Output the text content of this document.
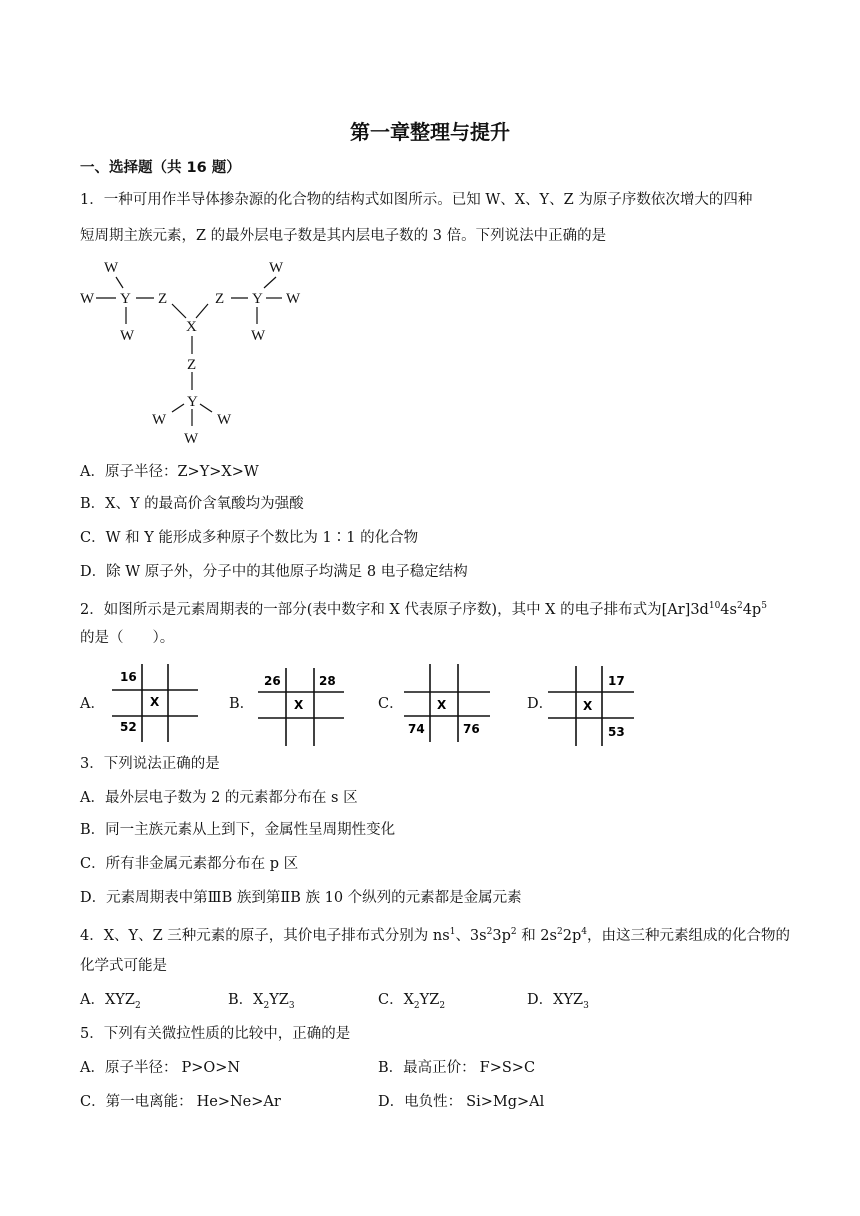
第一章整理与提升
一、选择题（共 16 题）
1．一种可用作半导体掺杂源的化合物的结构式如图所示。已知 W、X、Y、Z 为原子序数依次增大的四种
短周期主族元素，Z 的最外层电子数是其内层电子数的 3 倍。下列说法中正确的是
W
W Y Z
W
X
W
Z Y W
W
Z
Y
W	W
W
A．原子半径：Z>Y>X>W
B．X、Y 的最高价含氧酸均为强酸
C．W 和 Y 能形成多种原子个数比为 1∶1 的化合物
D．除 W 原子外，分子中的其他原子均满足 8 电子稳定结构
2．如图所示是元素周期表的一部分(表中数字和 X 代表原子序数)，其中 X 的电子排布式为$[Ar]3d^{10}4s^24p^5$
的是（　　）。
A．
16
X
52
B．
26	28
X	C．	X
74	76
D．
17
X
53
3．下列说法正确的是
A．最外层电子数为 2 的元素都分布在 s 区
B．同一主族元素从上到下，金属性呈周期性变化
C．所有非金属元素都分布在 p 区
D．元素周期表中第ⅢB 族到第ⅡB 族 10 个纵列的元素都是金属元素
4．X、Y、Z 三种元素的原子，其价电子排布式分别为 $ns^1$、$3s^23p^2$ 和 $2s^22p^4$，由这三种元素组成的化合物的
化学式可能是
A．$XYZ_2$	B．$X_2YZ_3$	C．$X_2YZ_2$	D．$XYZ_3$
5．下列有关微拉性质的比较中，正确的是
A．原子半径： P>O>N	B．最高正价： F>S>C
C．第一电离能： He>Ne>Ar	D．电负性： Si>Mg>Al
